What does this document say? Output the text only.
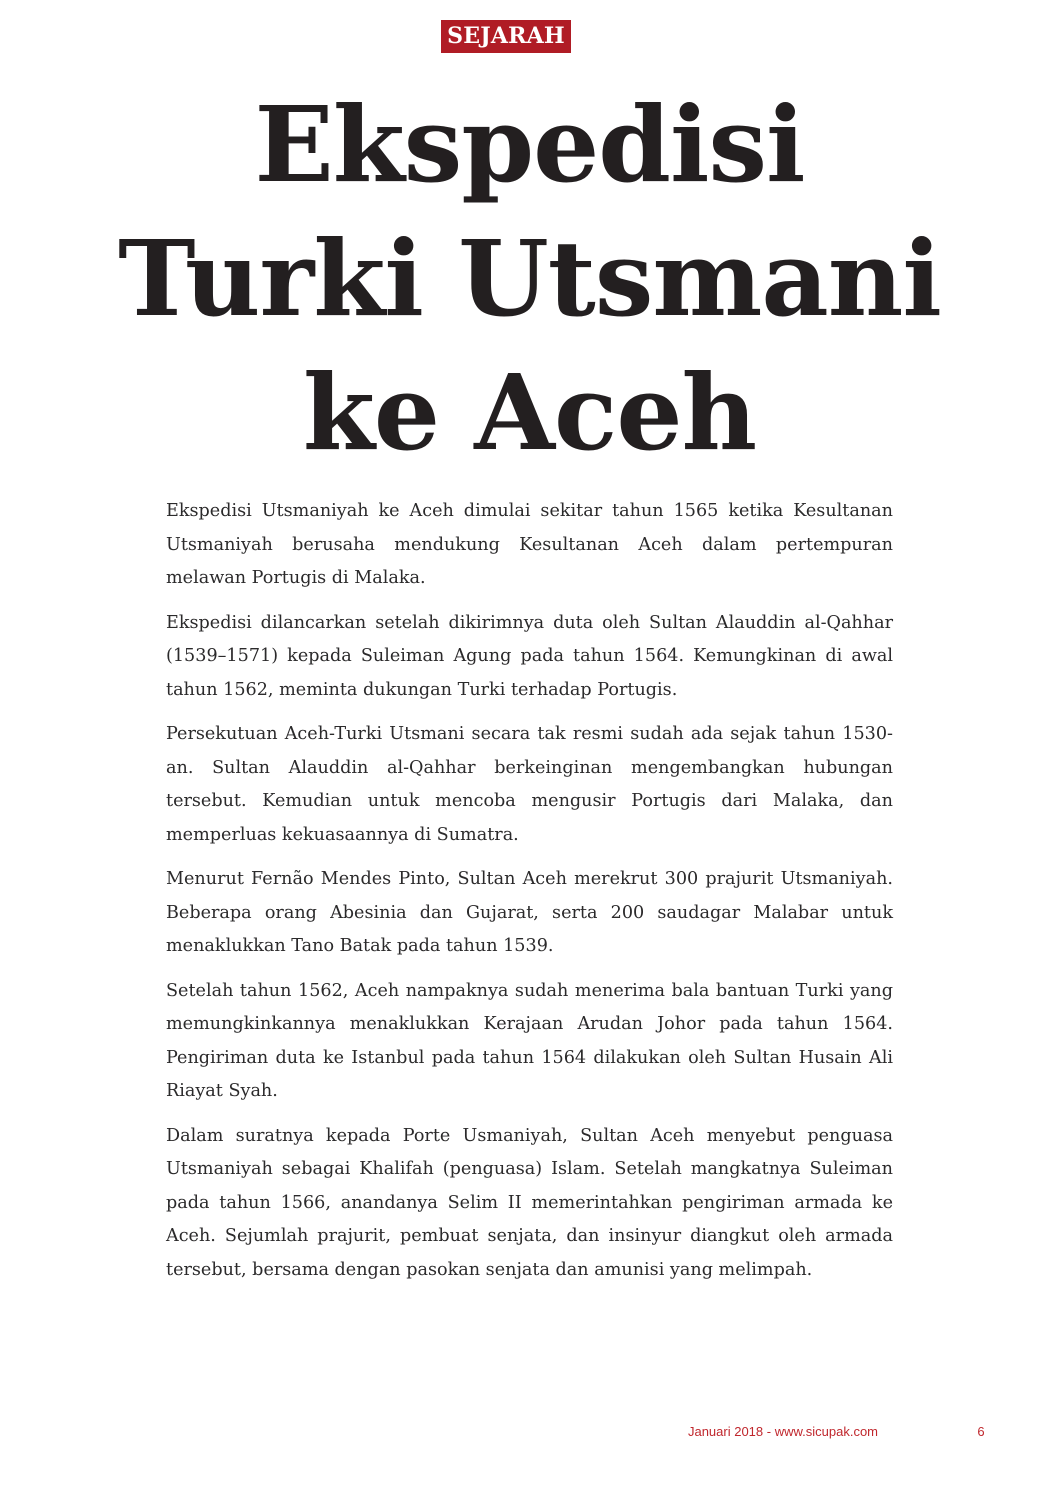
SEJARAH
Ekspedisi
Turki Utsmani
ke Aceh

Ekspedisi Utsmaniyah ke Aceh dimulai sekitar tahun 1565 ketika Kesultanan Utsmaniyah berusaha mendukung Kesultanan Aceh dalam pertempuran melawan Portugis di Malaka.

Ekspedisi dilancarkan setelah dikirimnya duta oleh Sultan Alauddin al-Qahhar (1539–1571) kepada Suleiman Agung pada tahun 1564. Kemungkinan di awal tahun 1562, meminta dukungan Turki terhadap Portugis.

Persekutuan Aceh-Turki Utsmani secara tak resmi sudah ada sejak tahun 1530-an. Sultan Alauddin al-Qahhar berkeinginan mengembangkan hubungan tersebut. Kemudian untuk mencoba mengusir Portugis dari Malaka, dan memperluas kekuasaannya di Sumatra.

Menurut Fernão Mendes Pinto, Sultan Aceh merekrut 300 prajurit Utsmaniyah. Beberapa orang Abesinia dan Gujarat, serta 200 saudagar Malabar untuk menaklukkan Tano Batak pada tahun 1539.

Setelah tahun 1562, Aceh nampaknya sudah menerima bala bantuan Turki yang memungkinkannya menaklukkan Kerajaan Arudan Johor pada tahun 1564. Pengiriman duta ke Istanbul pada tahun 1564 dilakukan oleh Sultan Husain Ali Riayat Syah.

Dalam suratnya kepada Porte Usmaniyah, Sultan Aceh menyebut penguasa Utsmaniyah sebagai Khalifah (penguasa) Islam. Setelah mangkatnya Suleiman pada tahun 1566, anandanya Selim II memerintahkan pengiriman armada ke Aceh. Sejumlah prajurit, pembuat senjata, dan insinyur diangkut oleh armada tersebut, bersama dengan pasokan senjata dan amunisi yang melimpah.

Januari 2018 - www.sicupak.com	6
